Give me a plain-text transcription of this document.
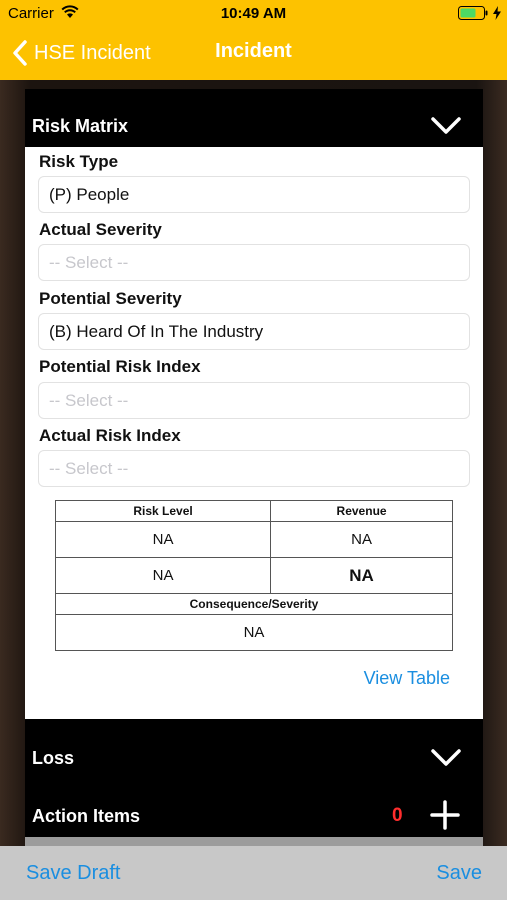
Carrier	10:49 AM
HSE Incident	Incident
Risk Matrix
Risk Type
(P) People
Actual Severity
-- Select --
Potential Severity
(B) Heard Of In The Industry
Potential Risk Index
-- Select --
Actual Risk Index
-- Select --
Risk Level	Revenue
NA	NA
NA	NA
Consequence/Severity	
NA	
View Table
Loss
Action Items	0
Save Draft	Save
